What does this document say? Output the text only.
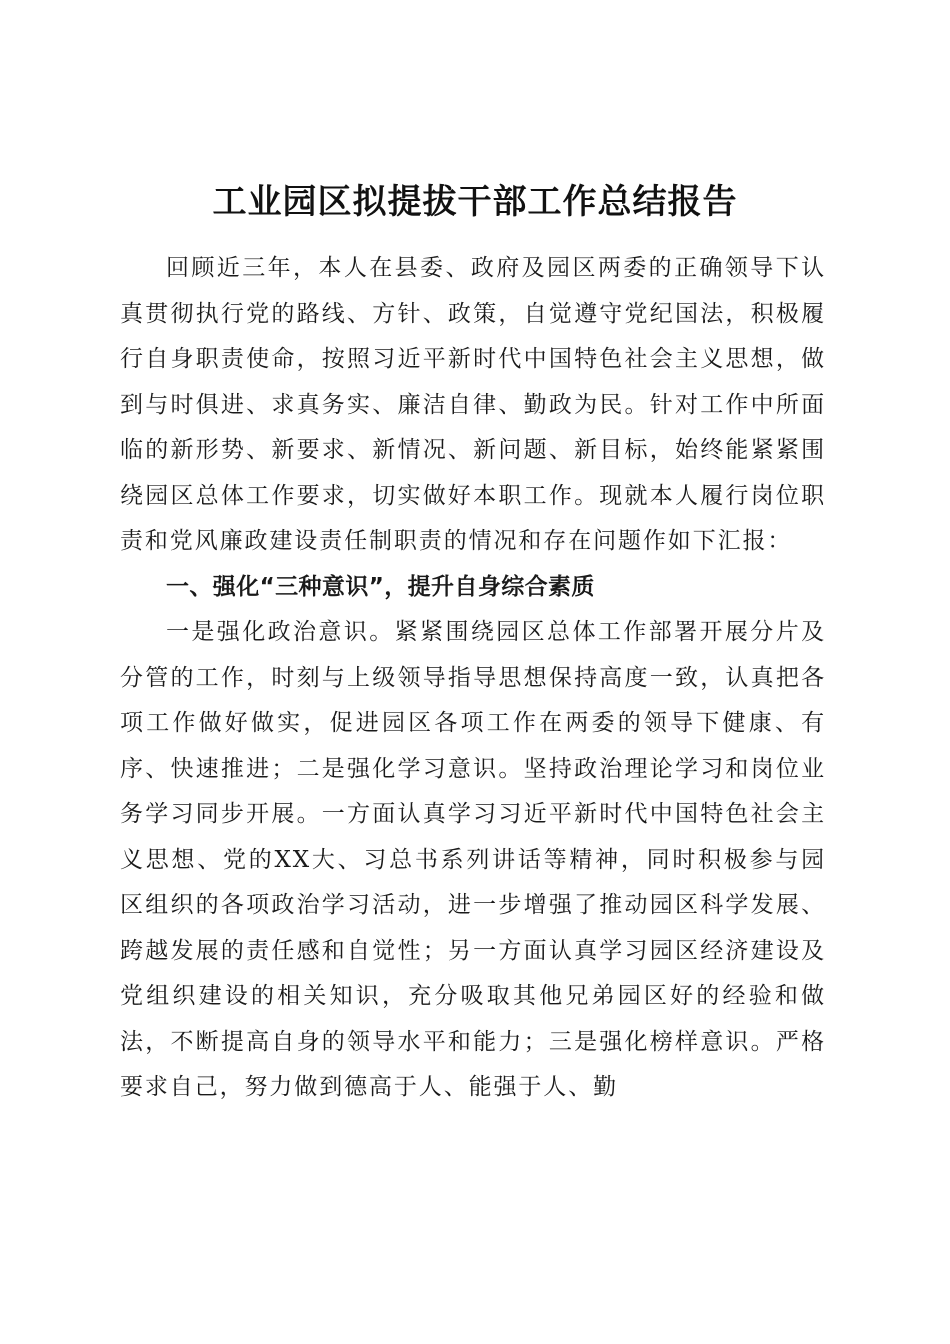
工业园区拟提拔干部工作总结报告

回顾近三年，本人在县委、政府及园区两委的正确领导下认真贯彻执行党的路线、方针、政策，自觉遵守党纪国法，积极履行自身职责使命，按照习近平新时代中国特色社会主义思想，做到与时俱进、求真务实、廉洁自律、勤政为民。针对工作中所面临的新形势、新要求、新情况、新问题、新目标，始终能紧紧围绕园区总体工作要求，切实做好本职工作。现就本人履行岗位职责和党风廉政建设责任制职责的情况和存在问题作如下汇报：

一、强化“三种意识”，提升自身综合素质

一是强化政治意识。紧紧围绕园区总体工作部署开展分片及分管的工作，时刻与上级领导指导思想保持高度一致，认真把各项工作做好做实，促进园区各项工作在两委的领导下健康、有序、快速推进；二是强化学习意识。坚持政治理论学习和岗位业务学习同步开展。一方面认真学习习近平新时代中国特色社会主义思想、党的XX大、习总书系列讲话等精神，同时积极参与园区组织的各项政治学习活动，进一步增强了推动园区科学发展、跨越发展的责任感和自觉性；另一方面认真学习园区经济建设及党组织建设的相关知识，充分吸取其他兄弟园区好的经验和做法，不断提高自身的领导水平和能力；三是强化榜样意识。严格要求自己，努力做到德高于人、能强于人、勤
